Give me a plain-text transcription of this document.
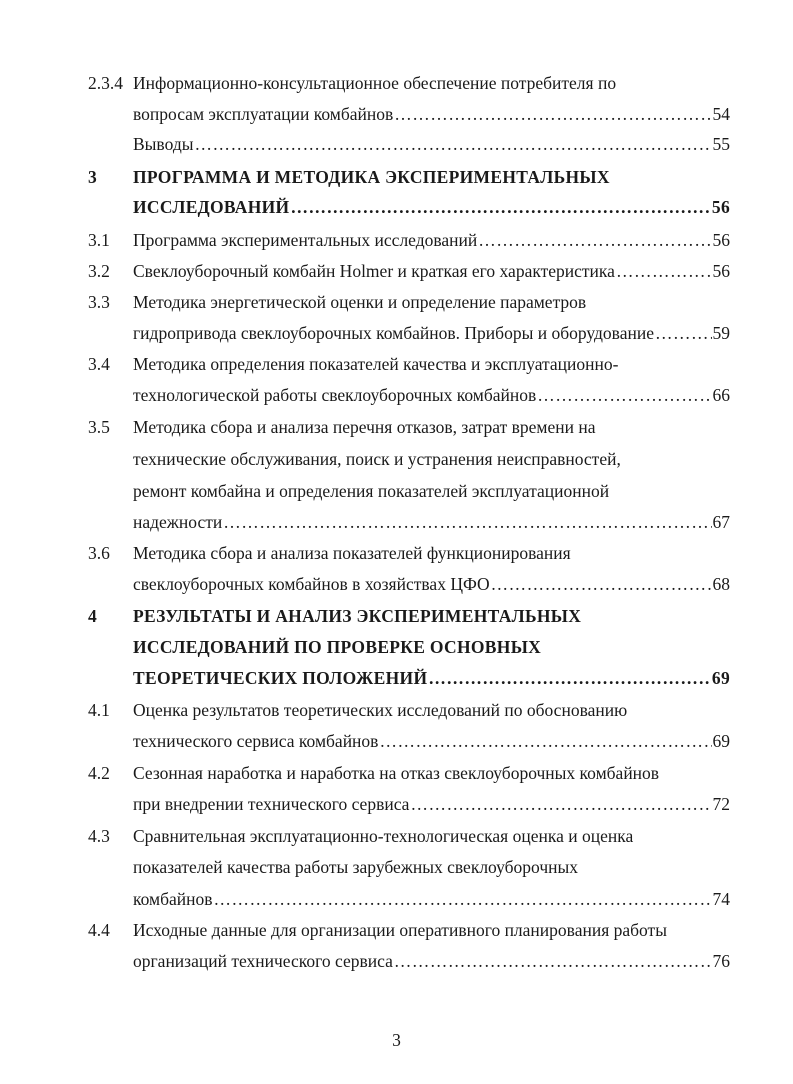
2.3.4 Информационно-консультационное обеспечение потребителя по
вопросам эксплуатации комбайнов ……………………………………………………………………………………………………………………………………………………………………………………	54
Выводы ……………………………………………………………………………………………………………………………………………………………………………………	55
3 ПРОГРАММА И МЕТОДИКА ЭКСПЕРИМЕНТАЛЬНЫХ
ИССЛЕДОВАНИЙ ……………………………………………………………………………………………………………………………………………………………………………………	56
3.1 Программа экспериментальных исследований ……………………………………………………………………………………………………………………………………………………………………………………	56
3.2 Свеклоуборочный комбайн Holmer и краткая его характеристика ……………………………………………………………………………………………………………………………………………………………………………………	56
3.3 Методика энергетической оценки и определение параметров
гидропривода свеклоуборочных комбайнов. Приборы и оборудование ……………………………………………………………………………………………………………………………………………………………………………………	59
3.4 Методика определения показателей качества и эксплуатационно-
технологической работы свеклоуборочных комбайнов ……………………………………………………………………………………………………………………………………………………………………………………	66
3.5 Методика сбора и анализа перечня отказов, затрат времени на
технические обслуживания, поиск и устранения неисправностей,
ремонт комбайна и определения показателей эксплуатационной
надежности ……………………………………………………………………………………………………………………………………………………………………………………	67
3.6 Методика сбора и анализа показателей функционирования
свеклоуборочных комбайнов в хозяйствах ЦФО ……………………………………………………………………………………………………………………………………………………………………………………	68
4 РЕЗУЛЬТАТЫ И АНАЛИЗ ЭКСПЕРИМЕНТАЛЬНЫХ
ИССЛЕДОВАНИЙ ПО ПРОВЕРКЕ ОСНОВНЫХ
ТЕОРЕТИЧЕСКИХ ПОЛОЖЕНИЙ ……………………………………………………………………………………………………………………………………………………………………………………	69
4.1 Оценка результатов теоретических исследований по обоснованию
технического сервиса комбайнов ……………………………………………………………………………………………………………………………………………………………………………………	69
4.2 Сезонная наработка и наработка на отказ свеклоуборочных комбайнов
при внедрении технического сервиса ……………………………………………………………………………………………………………………………………………………………………………………	72
4.3 Сравнительная эксплуатационно-технологическая оценка и оценка
показателей качества работы зарубежных свеклоуборочных
комбайнов ……………………………………………………………………………………………………………………………………………………………………………………	74
4.4 Исходные данные для организации оперативного планирования работы
организаций технического сервиса ……………………………………………………………………………………………………………………………………………………………………………………	76
3
